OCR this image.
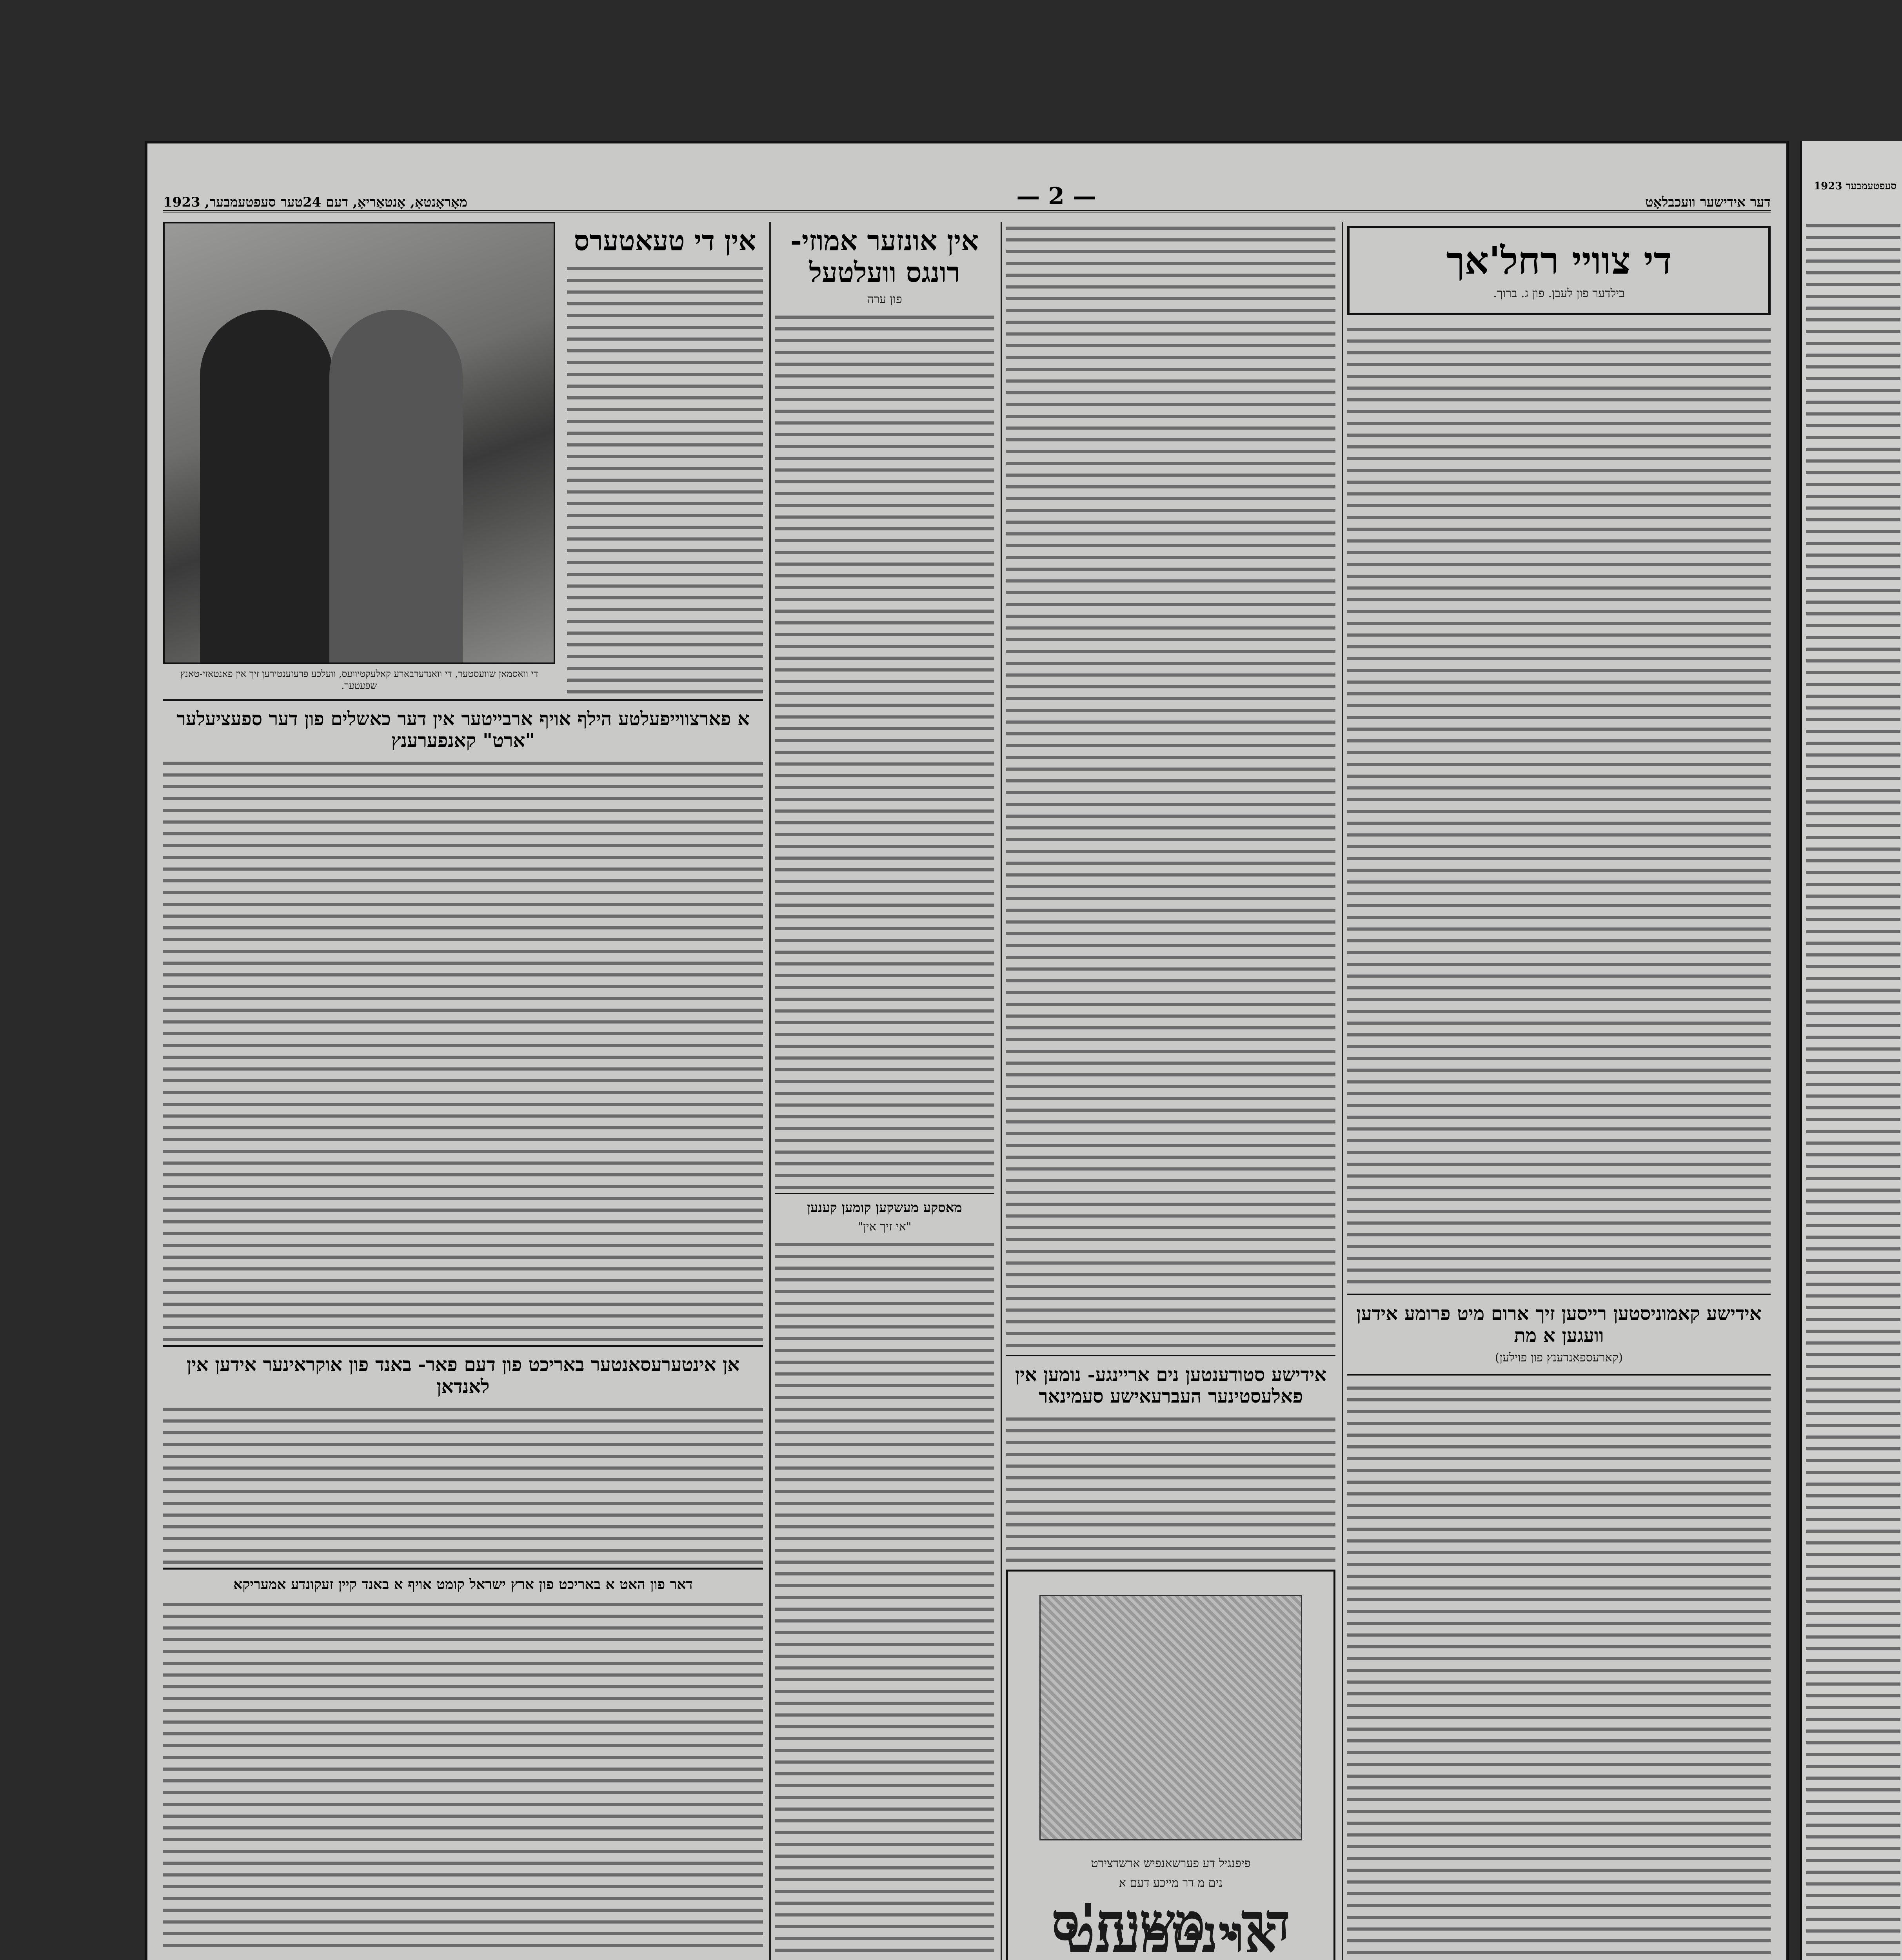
דער אידישער וועכבלאָט
— 2 —
מאָראָנטאָ, אָנטאַריאָ, דעם 24טער סעפטעמבער, 1923
די צוויי רחל'אך
בילדער פון לעבן. פון ג. ברוך.
אידישע קאמוניסטען רייסען זיך ארום מיט פרומע אידען וועגען א מת
(קארעספאנדענץ פון פוילען)
אידישע סטודענטען נים אריינגע- נומען אין פאלעסטינער העברעאישע סעמינאר
פיפנגיל דע פערשאנפיש ארשדצירט
נים מ דר מייכע דעם א
דר. משיח'ס אוינטמענט
אין אונזער אמוזי- רונגס וועלטעל
פון ערה
מאסקע מעשקען קומען קענען
"אי זיך אין"
אין די טעאטערס
די וואסמאן שוועסטער, די וואנדערבארע קאלעקטיוועס, וועלכע פרעזענטירען זיך אין פאנטאזי-טאנץ שפעטער.
א פארצווייפעלטע הילף אויף ארבייטער אין דער כאשלים פון דער ספעציעלער "ארט" קאנפערענץ
אן אינטערעסאנטער באריכט פון דעם פאר- באנד פון אוקראינער אידען אין לאנדאן
דאר פון האט א באריכט פון ארץ ישראל קומט אויף א באנד קיין זעקונדע אמעריקא
סעפטעמבער 1923
